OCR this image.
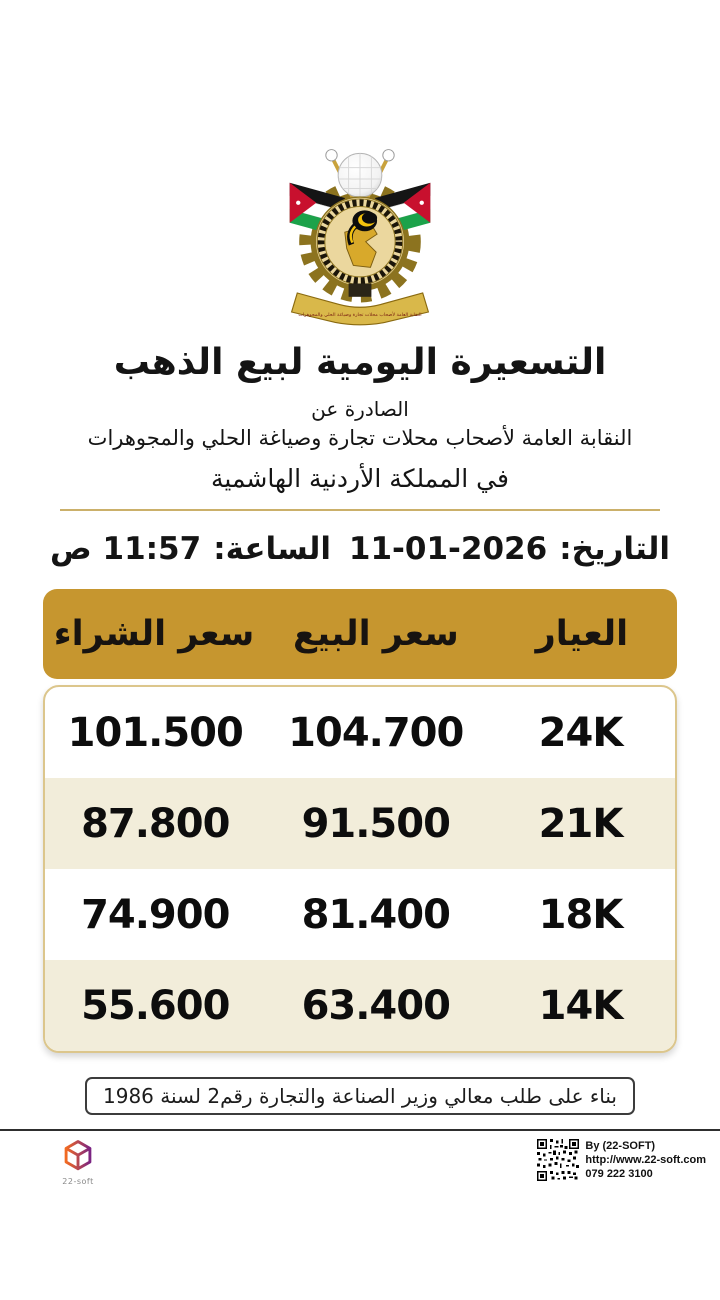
النقابة العامة لأصحاب محلات تجارة وصياغة الحلي والمجوهرات
التسعيرة اليومية لبيع الذهب
الصادرة عن
النقابة العامة لأصحاب محلات تجارة وصياغة الحلي والمجوهرات
في المملكة الأردنية الهاشمية
التاريخ:
11-01-2026
الساعة:
11:57 ص
العيار
سعر البيع
سعر الشراء
24K
104.700
101.500
21K
91.500
87.800
18K
81.400
74.900
14K
63.400
55.600
بناء على طلب معالي وزير الصناعة والتجارة رقم2 لسنة 1986
22-soft
By (22-SOFT)
http://www.22-soft.com
079 222 3100
